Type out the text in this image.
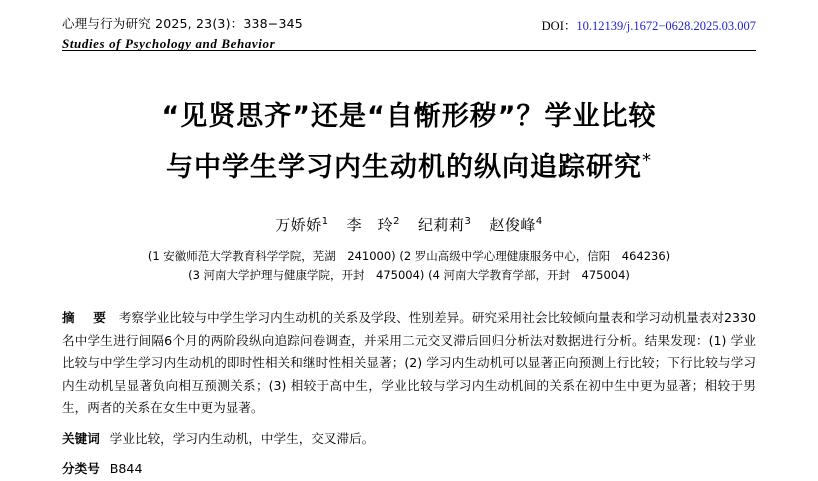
心理与行为研究 2025, 23(3)：338−345
Studies of Psychology and Behavior
DOI：10.12139/j.1672−0628.2025.03.007
“见贤思齐”还是“自惭形秽”？学业比较
与中学生学习内生动机的纵向追踪研究*
万娇娇$^1$ 李　玲$^2$ 纪莉莉$^3$ 赵俊峰$^4$
(1 安徽师范大学教育科学学院，芜湖　241000) (2 罗山高级中学心理健康服务中心，信阳　464236)
(3 河南大学护理与健康学院，开封　475004) (4 河南大学教育学部，开封　475004)

摘　要 考察学业比较与中学生学习内生动机的关系及学段、性别差异。研究采用社会比较倾向量表和学习动机量表对2330名中学生进行间隔6个月的两阶段纵向追踪问卷调查，并采用二元交叉滞后回归分析法对数据进行分析。结果发现：(1) 学业比较与中学生学习内生动机的即时性相关和继时性相关显著；(2) 学习内生动机可以显著正向预测上行比较；下行比较与学习内生动机呈显著负向相互预测关系；(3) 相较于高中生，学业比较与学习内生动机间的关系在初中生中更为显著；相较于男生，两者的关系在女生中更为显著。

关键词 学业比较，学习内生动机，中学生，交叉滞后。
分类号 B844
